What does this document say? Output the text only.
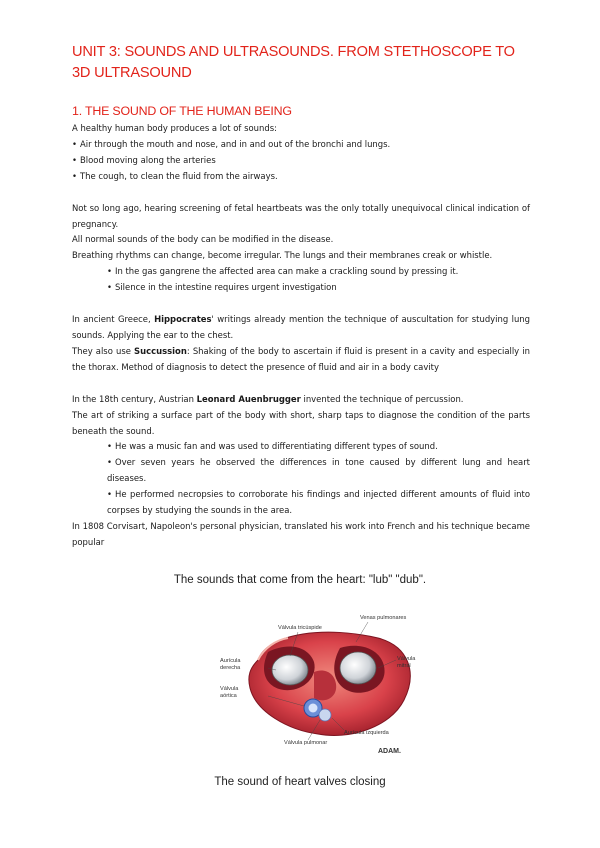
UNIT 3: SOUNDS AND ULTRASOUNDS. FROM STETHOSCOPE TO 3D ULTRASOUND
1. THE SOUND OF THE HUMAN BEING

A healthy human body produces a lot of sounds:

• Air through the mouth and nose, and in and out of the bronchi and lungs.
• Blood moving along the arteries
• The cough, to clean the fluid from the airways.

Not so long ago, hearing screening of fetal heartbeats was the only totally unequivocal clinical indication of pregnancy.

All normal sounds of the body can be modified in the disease.

Breathing rhythms can change, become irregular. The lungs and their membranes creak or whistle.

• In the gas gangrene the affected area can make a crackling sound by pressing it.
• Silence in the intestine requires urgent investigation

In ancient Greece, Hippocrates' writings already mention the technique of auscultation for studying lung sounds. Applying the ear to the chest.

They also use Succussion: Shaking of the body to ascertain if fluid is present in a cavity and especially in the thorax. Method of diagnosis to detect the presence of fluid and air in a body cavity

In the 18th century, Austrian Leonard Auenbrugger invented the technique of percussion.

The art of striking a surface part of the body with short, sharp taps to diagnose the condition of the parts beneath the sound.

• He was a music fan and was used to differentiating different types of sound.
• Over seven years he observed the differences in tone caused by different lung and heart diseases.
• He performed necropsies to corroborate his findings and injected different amounts of fluid into corpses by studying the sounds in the area.

In 1808 Corvisart, Napoleon's personal physician, translated his work into French and his technique became popular

The sounds that come from the heart: "lub" "dub".
Válvula tricúspide
Venas pulmonares
Aurícula derecha
Válvula mitral
Válvula aórtica
Aurícula izquierda
Válvula pulmonar
ADAM.
The sound of heart valves closing
